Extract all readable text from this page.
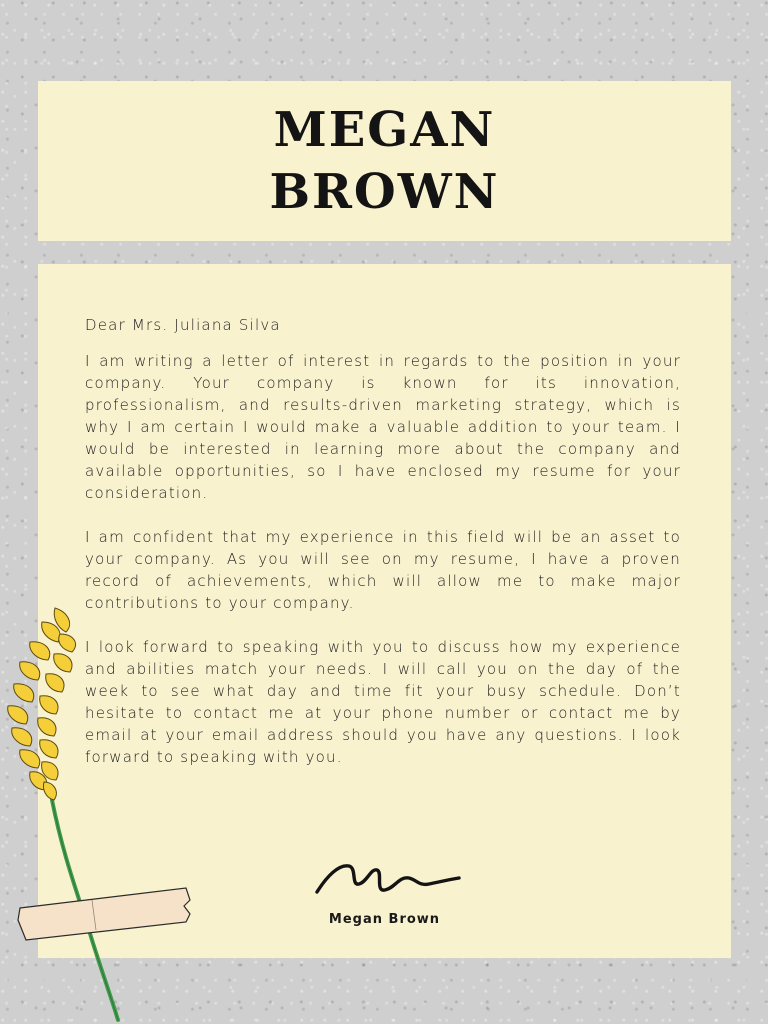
MEGAN
BROWN

Dear Mrs. Juliana Silva

I am writing a letter of interest in regards to the position in your company. Your company is known for its innovation, professionalism, and results-driven marketing strategy, which is why I am certain I would make a valuable addition to your team. I would be interested in learning more about the company and available opportunities, so I have enclosed my resume for your consideration.

I am confident that my experience in this field will be an asset to your company. As you will see on my resume, I have a proven record of achievements, which will allow me to make major contributions to your company.

I look forward to speaking with you to discuss how my experience and abilities match your needs. I will call you on the day of the week to see what day and time fit your busy schedule. Don’t hesitate to contact me at your phone number or contact me by email at your email address should you have any questions. I look forward to speaking with you.

Megan Brown
